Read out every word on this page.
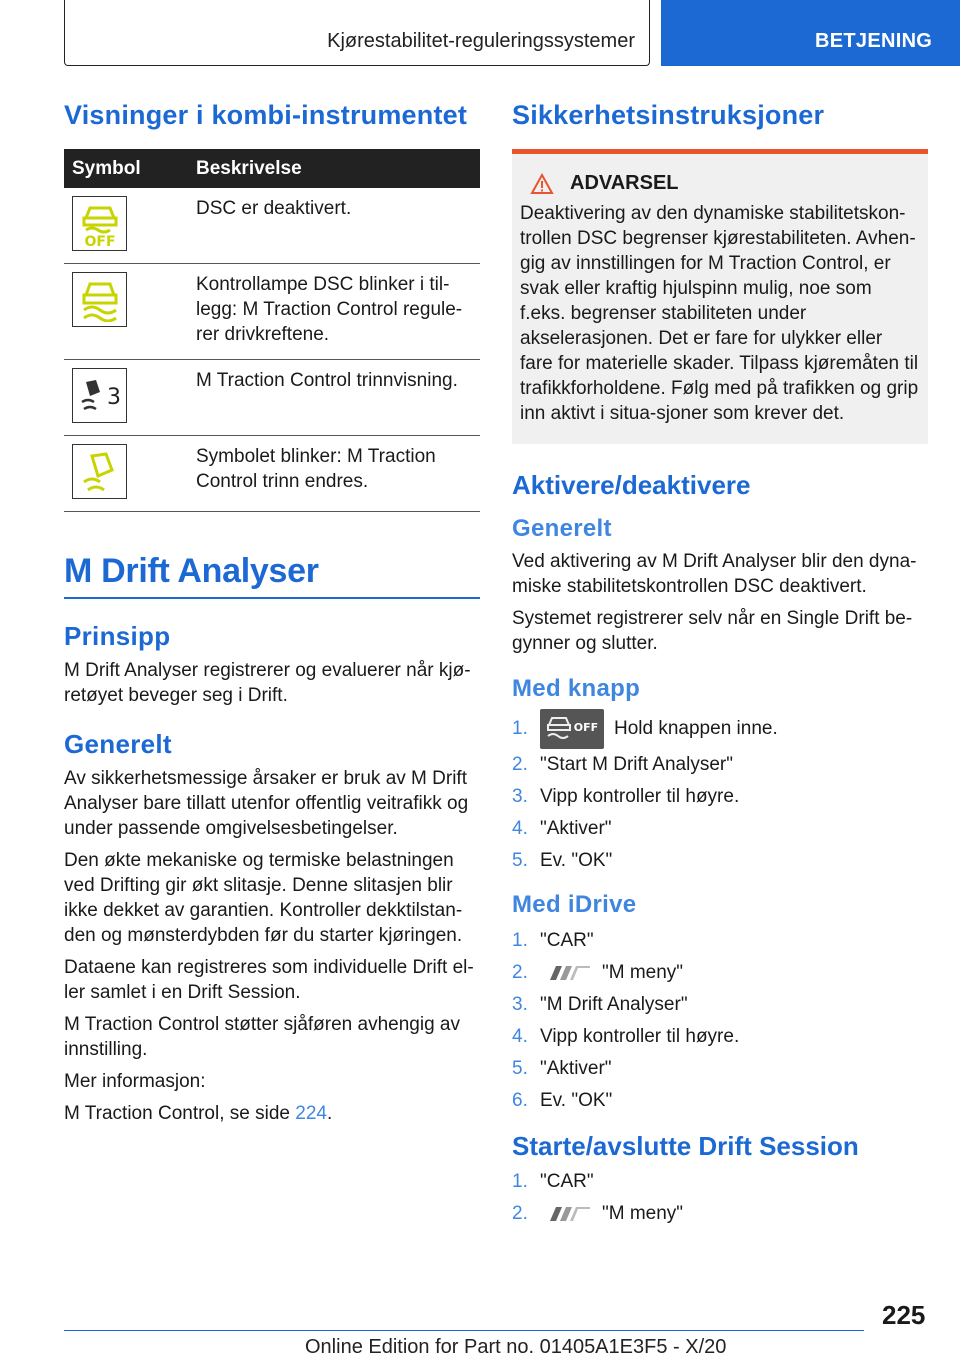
Kjørestabilitet-reguleringssystemer	BETJENING
Visninger i kombi-instrumentet
Symbol	Beskrivelse

OFF	DSC er deaktivert.

	Kontrollampe DSC blinker i til-legg: M Traction Control regule-rer drivkreftene.

3	M Traction Control trinnvisning.

	Symbolet blinker: M Traction Control trinn endres.
M Drift Analyser
Prinsipp

M Drift Analyser registrerer og evaluerer når kjø-retøyet beveger seg i Drift.

Generelt

Av sikkerhetsmessige årsaker er bruk av M Drift Analyser bare tillatt utenfor offentlig veitrafikk og under passende omgivelsesbetingelser.

Den økte mekaniske og termiske belastningen ved Drifting gir økt slitasje. Denne slitasjen blir ikke dekket av garantien. Kontroller dekktilstan-den og mønsterdybden før du starter kjøringen.

Dataene kan registreres som individuelle Drift el-ler samlet i en Drift Session.

M Traction Control støtter sjåføren avhengig av innstilling.

Mer informasjon:

M Traction Control, se side 224.

Sikkerhetsinstruksjoner
ADVARSEL

Deaktivering av den dynamiske stabilitetskon-trollen DSC begrenser kjørestabiliteten. Avhen-gig av innstillingen for M Traction Control, er svak eller kraftig hjulspinn mulig, noe som f.eks. begrenser stabiliteten under akselerasjonen. Det er fare for ulykker eller fare for materielle skader. Tilpass kjøremåten til trafikkforholdene. Følg med på trafikken og grip inn aktivt i situa-sjoner som krever det.

Aktivere/deaktivere
Generelt

Ved aktivering av M Drift Analyser blir den dyna-miske stabilitetskontrollen DSC deaktivert.

Systemet registrerer selv når en Single Drift be-gynner og slutter.

Med knapp
1.	OFF Hold knappen inne.
2. "Start M Drift Analyser"
3. Vipp kontroller til høyre.
4. "Aktiver"
5. Ev. "OK"
Med iDrive
1. "CAR"
2.	"M meny"
3. "M Drift Analyser"
4. Vipp kontroller til høyre.
5. "Aktiver"
6. Ev. "OK"
Starte/avslutte Drift Session
1. "CAR"
2.	"M meny"
225
Online Edition for Part no. 01405A1E3F5 - X/20
